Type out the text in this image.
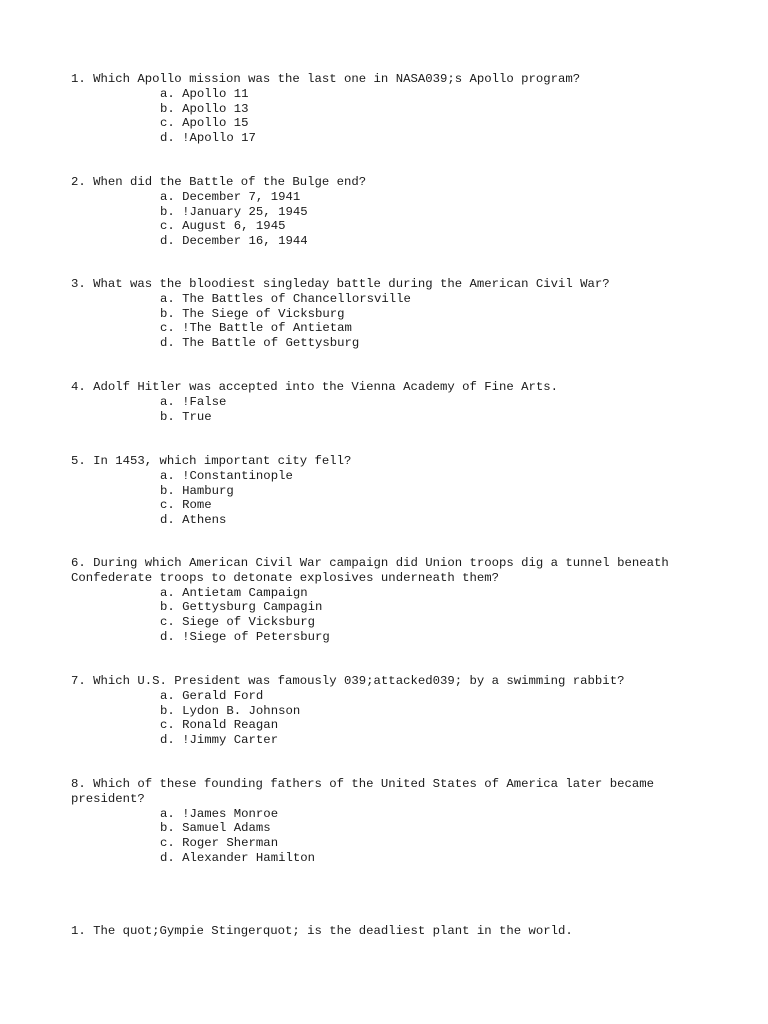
1. Which Apollo mission was the last one in NASA039;s Apollo program?

a. Apollo 11
b. Apollo 13
c. Apollo 15
d. !Apollo 17

2. When did the Battle of the Bulge end?

a. December 7, 1941
b. !January 25, 1945
c. August 6, 1945
d. December 16, 1944

3. What was the bloodiest singleday battle during the American Civil War?

a. The Battles of Chancellorsville
b. The Siege of Vicksburg
c. !The Battle of Antietam
d. The Battle of Gettysburg

4. Adolf Hitler was accepted into the Vienna Academy of Fine Arts.

a. !False
b. True

5. In 1453, which important city fell?

a. !Constantinople
b. Hamburg
c. Rome
d. Athens

6. During which American Civil War campaign did Union troops dig a tunnel beneath Confederate troops to detonate explosives underneath them?

a. Antietam Campaign
b. Gettysburg Campagin
c. Siege of Vicksburg
d. !Siege of Petersburg

7. Which U.S. President was famously 039;attacked039; by a swimming rabbit?

a. Gerald Ford
b. Lydon B. Johnson
c. Ronald Reagan
d. !Jimmy Carter

8. Which of these founding fathers of the United States of America later became president?

a. !James Monroe
b. Samuel Adams
c. Roger Sherman
d. Alexander Hamilton

1. The quot;Gympie Stingerquot; is the deadliest plant in the world.
